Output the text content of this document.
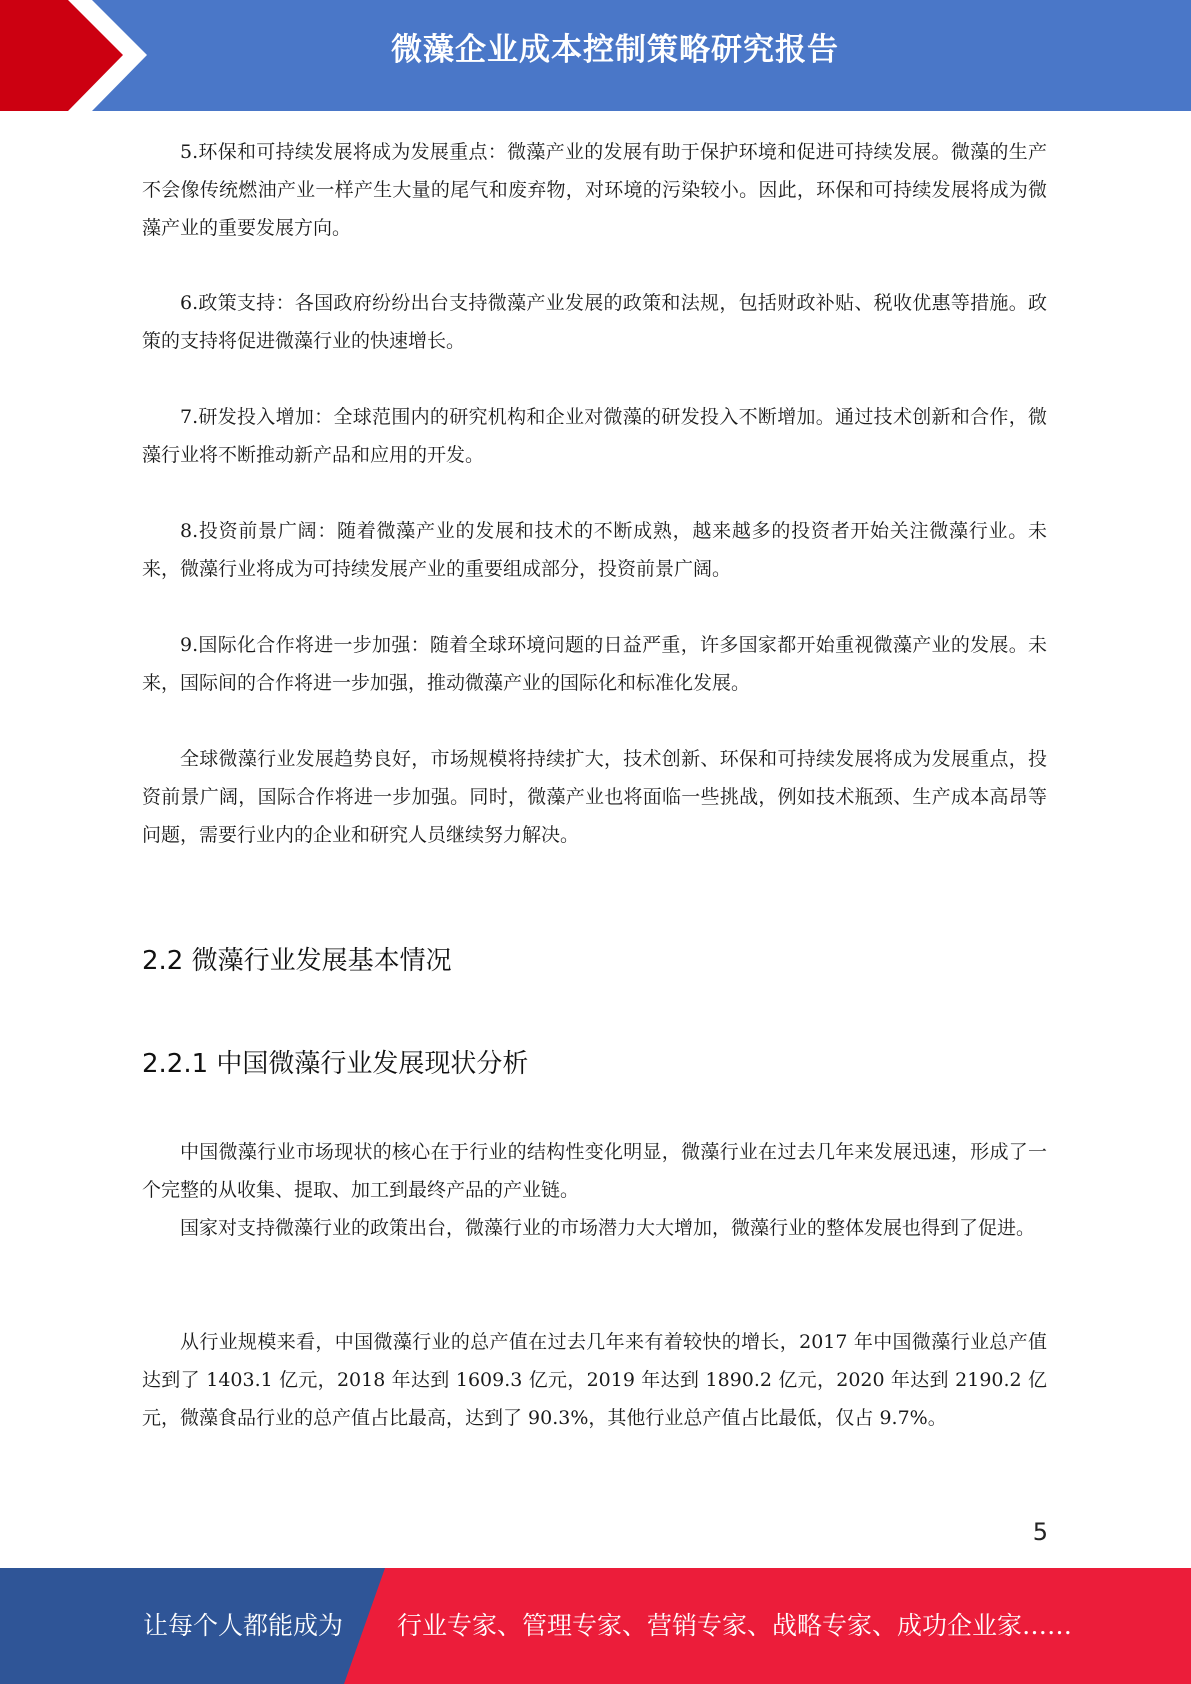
微藻企业成本控制策略研究报告

5.环保和可持续发展将成为发展重点：微藻产业的发展有助于保护环境和促进可持续发展。微藻的生产不会像传统燃油产业一样产生大量的尾气和废弃物，对环境的污染较小。因此，环保和可持续发展将成为微藻产业的重要发展方向。

6.政策支持：各国政府纷纷出台支持微藻产业发展的政策和法规，包括财政补贴、税收优惠等措施。政策的支持将促进微藻行业的快速增长。

7.研发投入增加：全球范围内的研究机构和企业对微藻的研发投入不断增加。通过技术创新和合作，微藻行业将不断推动新产品和应用的开发。

8.投资前景广阔：随着微藻产业的发展和技术的不断成熟，越来越多的投资者开始关注微藻行业。未来，微藻行业将成为可持续发展产业的重要组成部分，投资前景广阔。

9.国际化合作将进一步加强：随着全球环境问题的日益严重，许多国家都开始重视微藻产业的发展。未来，国际间的合作将进一步加强，推动微藻产业的国际化和标准化发展。

全球微藻行业发展趋势良好，市场规模将持续扩大，技术创新、环保和可持续发展将成为发展重点，投资前景广阔，国际合作将进一步加强。同时，微藻产业也将面临一些挑战，例如技术瓶颈、生产成本高昂等问题，需要行业内的企业和研究人员继续努力解决。

2.2 微藻行业发展基本情况
2.2.1 中国微藻行业发展现状分析

中国微藻行业市场现状的核心在于行业的结构性变化明显，微藻行业在过去几年来发展迅速，形成了一个完整的从收集、提取、加工到最终产品的产业链。

国家对支持微藻行业的政策出台，微藻行业的市场潜力大大增加，微藻行业的整体发展也得到了促进。

从行业规模来看，中国微藻行业的总产值在过去几年来有着较快的增长，2017 年中国微藻行业总产值达到了 1403.1 亿元，2018 年达到 1609.3 亿元，2019 年达到 1890.2 亿元，2020 年达到 2190.2 亿元，微藻食品行业的总产值占比最高，达到了 90.3%，其他行业总产值占比最低，仅占 9.7%。

5
让每个人都能成为 行业专家、管理专家、营销专家、战略专家、成功企业家……
